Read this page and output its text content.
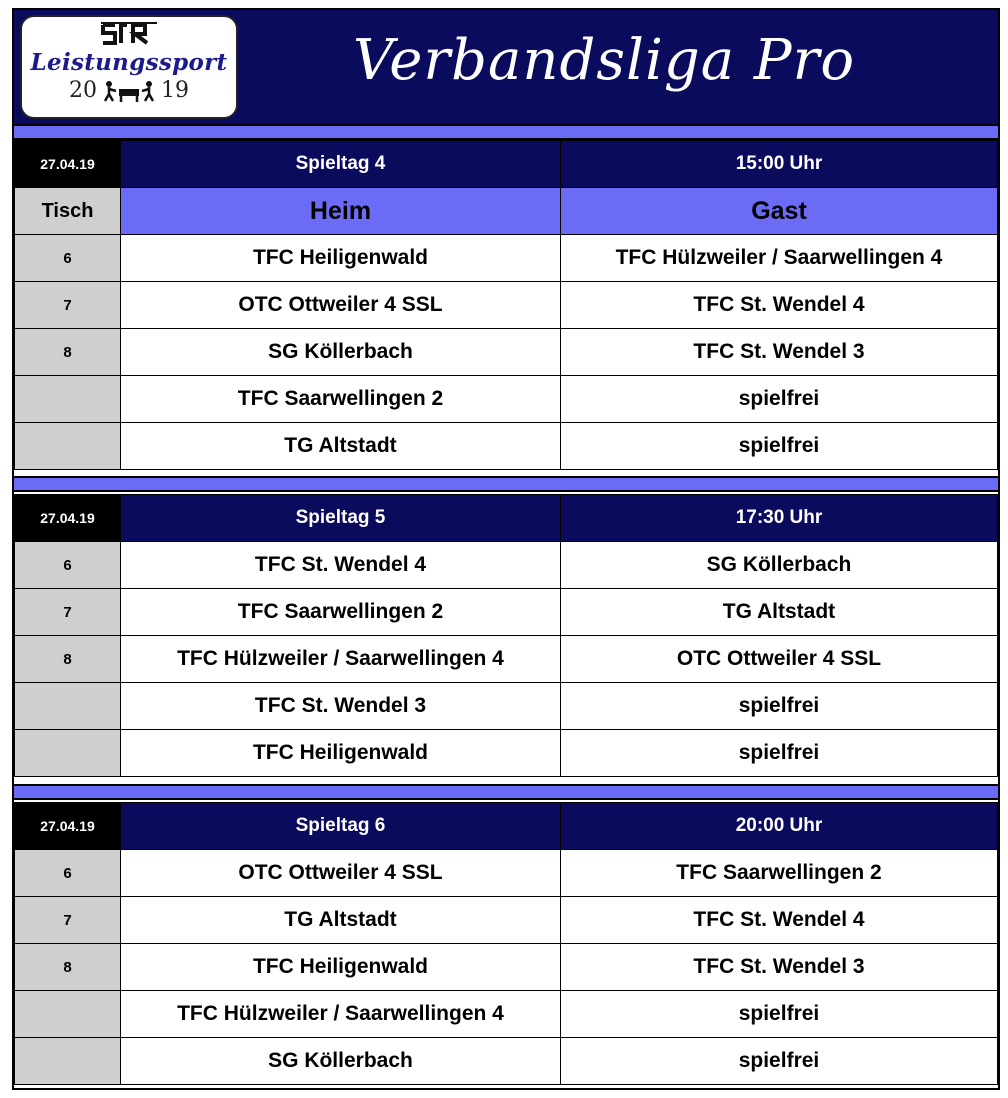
Leistungssport
20	19	Verbandsliga Pro
27.04.19	Spieltag 4	15:00 Uhr
Tisch	Heim	Gast
6	TFC Heiligenwald	TFC Hülzweiler / Saarwellingen 4
7	OTC Ottweiler 4 SSL	TFC St. Wendel 4
8	SG Köllerbach	TFC St. Wendel 3
	TFC Saarwellingen 2	spielfrei
	TG Altstadt	spielfrei
27.04.19	Spieltag 5	17:30 Uhr
6	TFC St. Wendel 4	SG Köllerbach
7	TFC Saarwellingen 2	TG Altstadt
8	TFC Hülzweiler / Saarwellingen 4	OTC Ottweiler 4 SSL
	TFC St. Wendel 3	spielfrei
	TFC Heiligenwald	spielfrei
27.04.19	Spieltag 6	20:00 Uhr
6	OTC Ottweiler 4 SSL	TFC Saarwellingen 2
7	TG Altstadt	TFC St. Wendel 4
8	TFC Heiligenwald	TFC St. Wendel 3
	TFC Hülzweiler / Saarwellingen 4	spielfrei
	SG Köllerbach	spielfrei
